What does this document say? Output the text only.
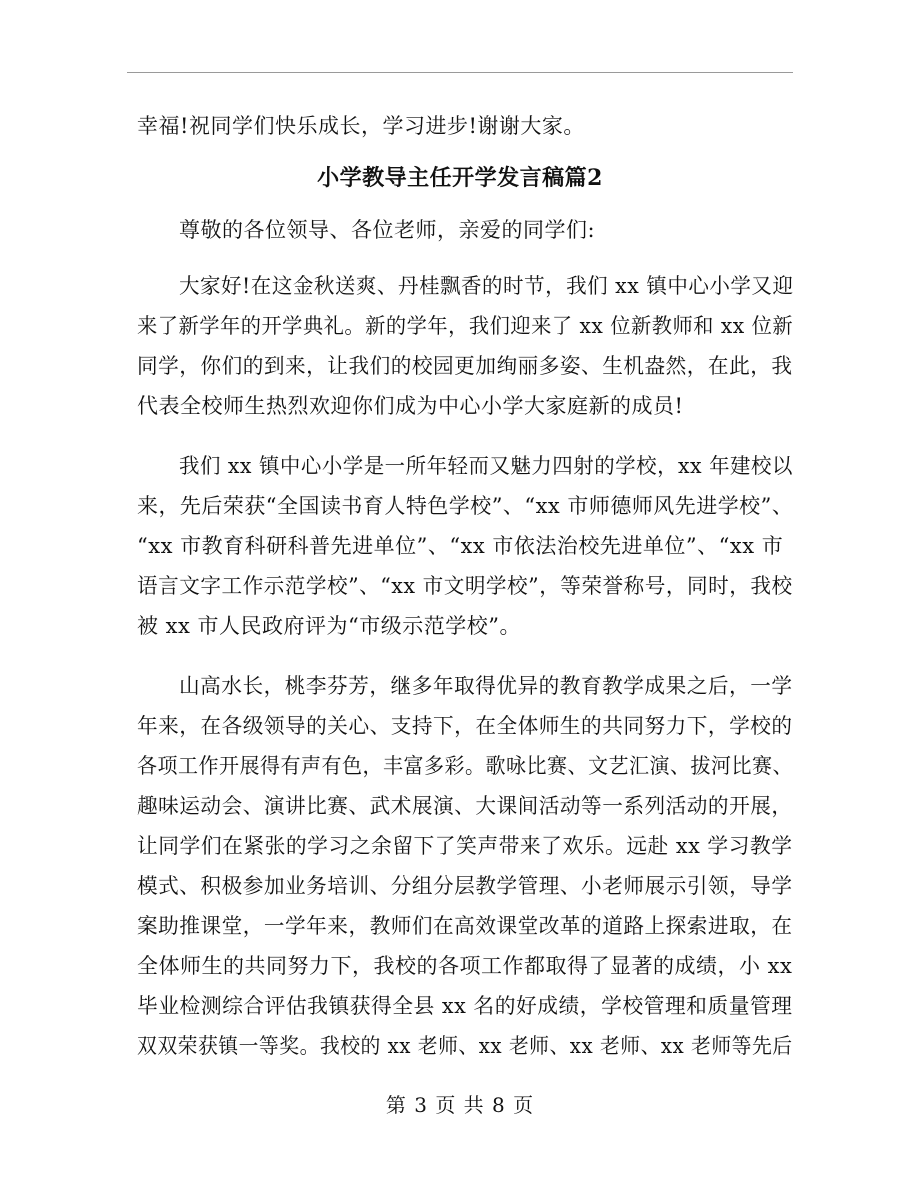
幸福!祝同学们快乐成长，学习进步!谢谢大家。
小学教导主任开学发言稿篇2
尊敬的各位领导、各位老师，亲爱的同学们:
大家好!在这金秋送爽、丹桂飘香的时节，我们 xx 镇中心小学又迎
来了新学年的开学典礼。新的学年，我们迎来了 xx 位新教师和 xx 位新
同学，你们的到来，让我们的校园更加绚丽多姿、生机盎然，在此，我
代表全校师生热烈欢迎你们成为中心小学大家庭新的成员!
我们 xx 镇中心小学是一所年轻而又魅力四射的学校，xx 年建校以
来，先后荣获“全国读书育人特色学校”、“xx 市师德师风先进学校”、
“xx 市教育科研科普先进单位”、“xx 市依法治校先进单位”、“xx 市
语言文字工作示范学校”、“xx 市文明学校”，等荣誉称号，同时，我校
被 xx 市人民政府评为“市级示范学校”。
山高水长，桃李芬芳，继多年取得优异的教育教学成果之后，一学
年来，在各级领导的关心、支持下，在全体师生的共同努力下，学校的
各项工作开展得有声有色，丰富多彩。歌咏比赛、文艺汇演、拔河比赛、
趣味运动会、演讲比赛、武术展演、大课间活动等一系列活动的开展，
让同学们在紧张的学习之余留下了笑声带来了欢乐。远赴 xx 学习教学
模式、积极参加业务培训、分组分层教学管理、小老师展示引领，导学
案助推课堂，一学年来，教师们在高效课堂改革的道路上探索进取，在
全体师生的共同努力下，我校的各项工作都取得了显著的成绩，小 xx
毕业检测综合评估我镇获得全县 xx 名的好成绩，学校管理和质量管理
双双荣获镇一等奖。我校的 xx 老师、xx 老师、xx 老师、xx 老师等先后
第 3 页 共 8 页
